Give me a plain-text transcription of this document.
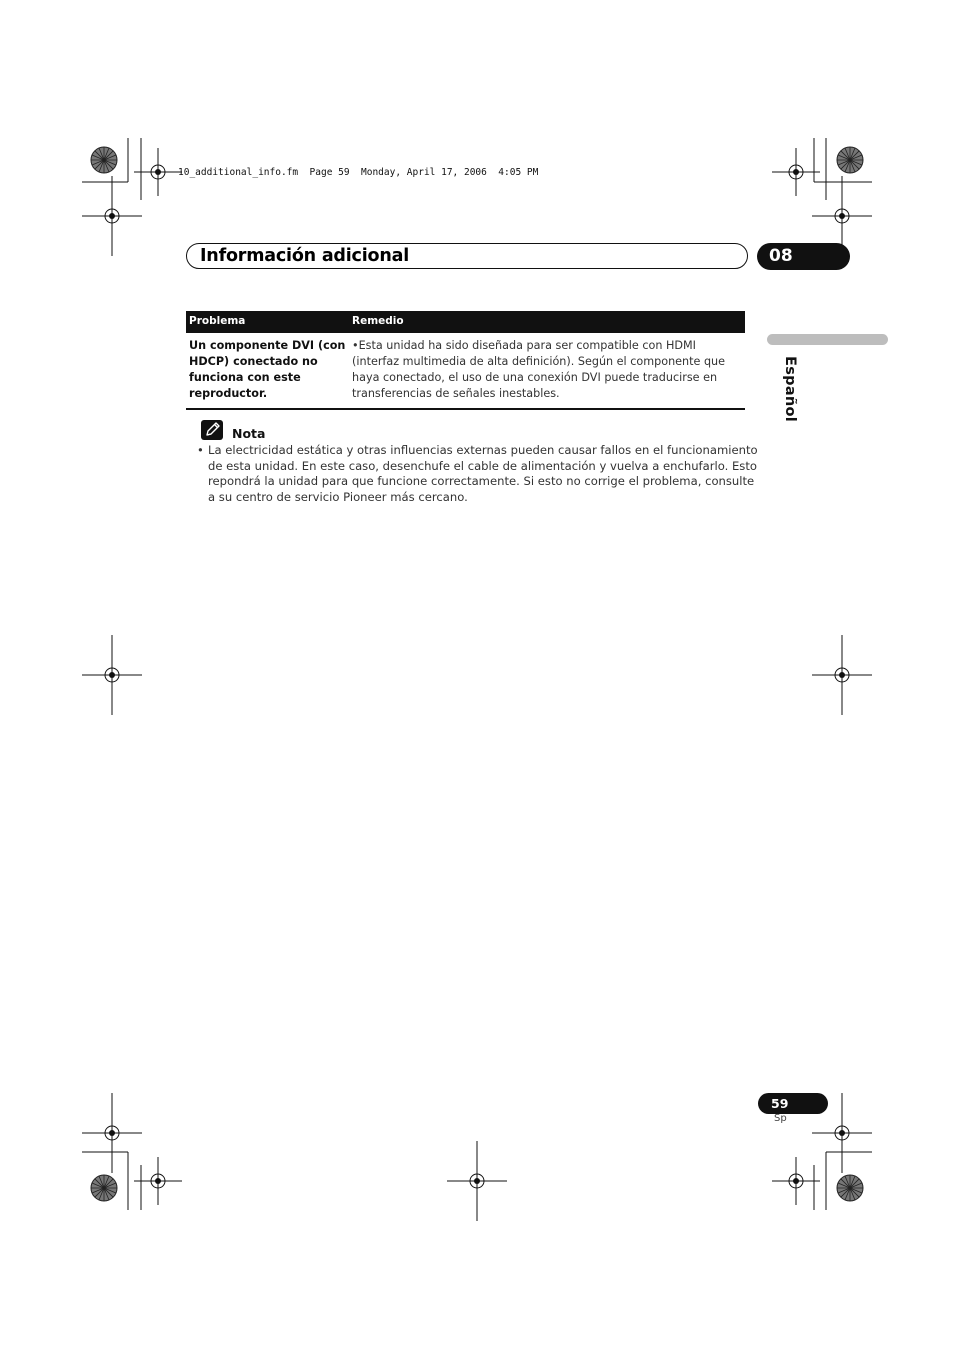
10_additional_info.fm  Page 59  Monday, April 17, 2006  4:05 PM
Información adicional	08
Español
Problema	Remedio
Un componente DVI (con HDCP) conectado no funciona con este reproductor.	•Esta unidad ha sido diseñada para ser compatible con HDMI (interfaz multimedia de alta definición). Según el componente que haya conectado, el uso de una conexión DVI puede traducirse en transferencias de señales inestables.
Nota
• La electricidad estática y otras influencias externas pueden causar fallos en el funcionamiento de esta unidad. En este caso, desenchufe el cable de alimentación y vuelva a enchufarlo. Esto repondrá la unidad para que funcione correctamente. Si esto no corrige el problema, consulte a su centro de servicio Pioneer más cercano.
59
Sp
